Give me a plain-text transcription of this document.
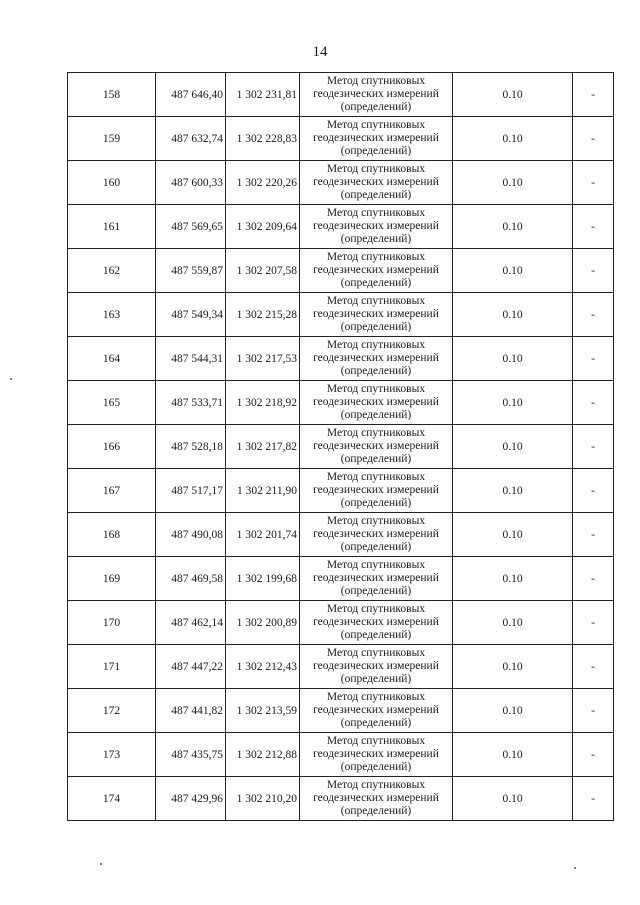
14
158	487 646,40	1 302 231,81	Метод спутниковых
геодезических измерений
(определений)	0.10	-
159	487 632,74	1 302 228,83	Метод спутниковых
геодезических измерений
(определений)	0.10	-
160	487 600,33	1 302 220,26	Метод спутниковых
геодезических измерений
(определений)	0.10	-
161	487 569,65	1 302 209,64	Метод спутниковых
геодезических измерений
(определений)	0.10	-
162	487 559,87	1 302 207,58	Метод спутниковых
геодезических измерений
(определений)	0.10	-
163	487 549,34	1 302 215,28	Метод спутниковых
геодезических измерений
(определений)	0.10	-
164	487 544,31	1 302 217,53	Метод спутниковых
геодезических измерений
(определений)	0.10	-
165	487 533,71	1 302 218,92	Метод спутниковых
геодезических измерений
(определений)	0.10	-
166	487 528,18	1 302 217,82	Метод спутниковых
геодезических измерений
(определений)	0.10	-
167	487 517,17	1 302 211,90	Метод спутниковых
геодезических измерений
(определений)	0.10	-
168	487 490,08	1 302 201,74	Метод спутниковых
геодезических измерений
(определений)	0.10	-
169	487 469,58	1 302 199,68	Метод спутниковых
геодезических измерений
(определений)	0.10	-
170	487 462,14	1 302 200,89	Метод спутниковых
геодезических измерений
(определений)	0.10	-
171	487 447,22	1 302 212,43	Метод спутниковых
геодезических измерений
(определений)	0.10	-
172	487 441,82	1 302 213,59	Метод спутниковых
геодезических измерений
(определений)	0.10	-
173	487 435,75	1 302 212,88	Метод спутниковых
геодезических измерений
(определений)	0.10	-
174	487 429,96	1 302 210,20	Метод спутниковых
геодезических измерений
(определений)	0.10	-
